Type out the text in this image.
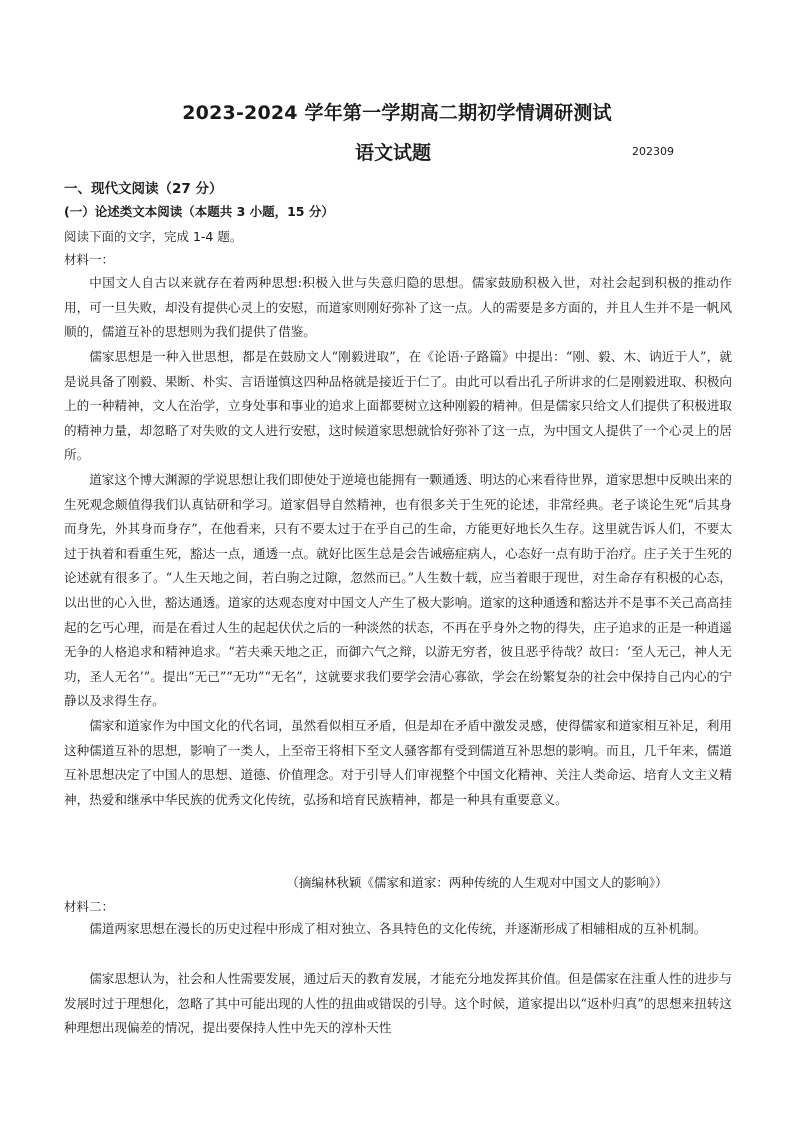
2023-2024 学年第一学期高二期初学情调研测试
语文试题	202309
一、现代文阅读（27 分）
(一）论述类文本阅读（本题共 3 小题，15 分）
阅读下面的文字，完成 1-4 题。
材料一：

中国文人自古以来就存在着两种思想:积极入世与失意归隐的思想。儒家鼓励积极入世，对社会起到积极的推动作用，可一旦失败，却没有提供心灵上的安慰，而道家则刚好弥补了这一点。人的需要是多方面的，并且人生并不是一帆风顺的，儒道互补的思想则为我们提供了借鉴。

儒家思想是一种入世思想，都是在鼓励文人“刚毅进取”，在《论语·子路篇》中提出：“刚、毅、木、讷近于人”，就是说具备了刚毅、果断、朴实、言语谨慎这四种品格就是接近于仁了。由此可以看出孔子所讲求的仁是刚毅进取、积极向上的一种精神，文人在治学，立身处事和事业的追求上面都要树立这种刚毅的精神。但是儒家只给文人们提供了积极进取的精神力量，却忽略了对失败的文人进行安慰，这时候道家思想就恰好弥补了这一点，为中国文人提供了一个心灵上的居所。

道家这个博大渊源的学说思想让我们即使处于逆境也能拥有一颗通透、明达的心来看待世界，道家思想中反映出来的生死观念颇值得我们认真钻研和学习。道家倡导自然精神，也有很多关于生死的论述，非常经典。老子谈论生死“后其身而身先，外其身而身存”，在他看来，只有不要太过于在乎自己的生命，方能更好地长久生存。这里就告诉人们，不要太过于执着和看重生死，豁达一点，通透一点。就好比医生总是会告诫癌症病人，心态好一点有助于治疗。庄子关于生死的论述就有很多了。“人生天地之间，若白驹之过隙，忽然而已。”人生数十载，应当着眼于现世，对生命存有积极的心态，以出世的心入世，豁达通透。道家的达观态度对中国文人产生了极大影响。道家的这种通透和豁达并不是事不关己高高挂起的乞丐心理，而是在看过人生的起起伏伏之后的一种淡然的状态，不再在乎身外之物的得失，庄子追求的正是一种逍遥无争的人格追求和精神追求。“若夫乘天地之正，而御六气之辩，以游无穷者，彼且恶乎待哉？故曰：‘至人无己，神人无功，圣人无名’”。提出“无己”“无功”“无名”，这就要求我们要学会清心寡欲，学会在纷繁复杂的社会中保持自己内心的宁静以及求得生存。

儒家和道家作为中国文化的代名词，虽然看似相互矛盾，但是却在矛盾中激发灵感，使得儒家和道家相互补足，利用这种儒道互补的思想，影响了一类人，上至帝王将相下至文人骚客都有受到儒道互补思想的影响。而且，几千年来，儒道互补思想决定了中国人的思想、道德、价值理念。对于引导人们审视整个中国文化精神、关注人类命运、培育人文主义精神，热爱和继承中华民族的优秀文化传统，弘扬和培育民族精神，都是一种具有重要意义。

（摘编林秋颖《儒家和道家：两种传统的人生观对中国文人的影响》）
材料二：

儒道两家思想在漫长的历史过程中形成了相对独立、各具特色的文化传统，并逐渐形成了相辅相成的互补机制。

儒家思想认为，社会和人性需要发展，通过后天的教育发展，才能充分地发挥其价值。但是儒家在注重人性的进步与发展时过于理想化，忽略了其中可能出现的人性的扭曲或错误的引导。这个时候，道家提出以“返朴归真”的思想来扭转这种理想出现偏差的情况，提出要保持人性中先天的淳朴天性
